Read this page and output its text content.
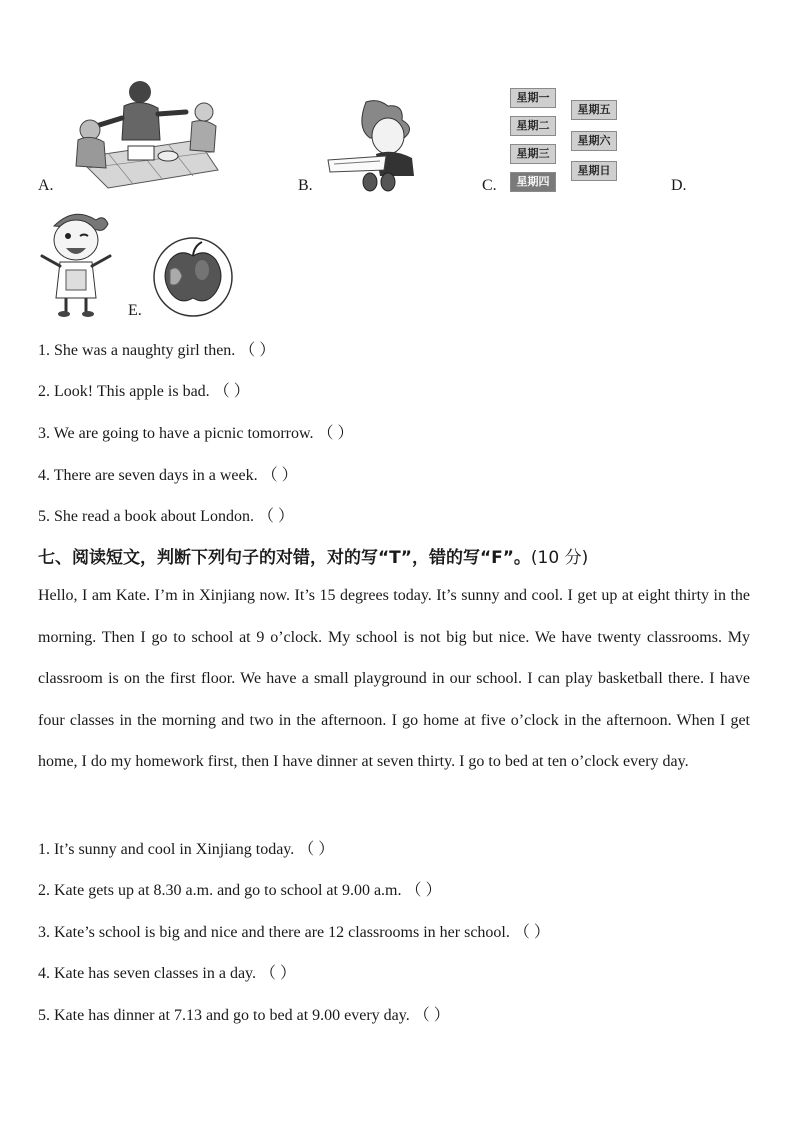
A.	B.
星期一
星期二
星期三
星期四
星期五
星期六
星期日
C.	D.
E.
1. She was a naughty girl then. （ ）
2. Look! This apple is bad. （ ）
3. We are going to have a picnic tomorrow. （ ）
4. There are seven days in a week. （ ）
5. She read a book about London. （ ）
七、阅读短文，判断下列句子的对错，对的写“T”，错的写“F”。(10 分)
Hello, I am Kate. I’m in Xinjiang now. It’s 15 degrees today. It’s sunny and cool. I get up at eight thirty in the morning. Then I go to school at 9 o’clock. My school is not big but nice. We have twenty classrooms. My classroom is on the first floor. We have a small playground in our school. I can play basketball there. I have four classes in the morning and two in the afternoon. I go home at five o’clock in the afternoon. When I get home, I do my homework first, then I have dinner at seven thirty. I go to bed at ten o’clock every day.
1. It’s sunny and cool in Xinjiang today. （ ）
2. Kate gets up at 8.30 a.m. and go to school at 9.00 a.m. （ ）
3. Kate’s school is big and nice and there are 12 classrooms in her school. （ ）
4. Kate has seven classes in a day. （ ）
5. Kate has dinner at 7.13 and go to bed at 9.00 every day. （ ）
